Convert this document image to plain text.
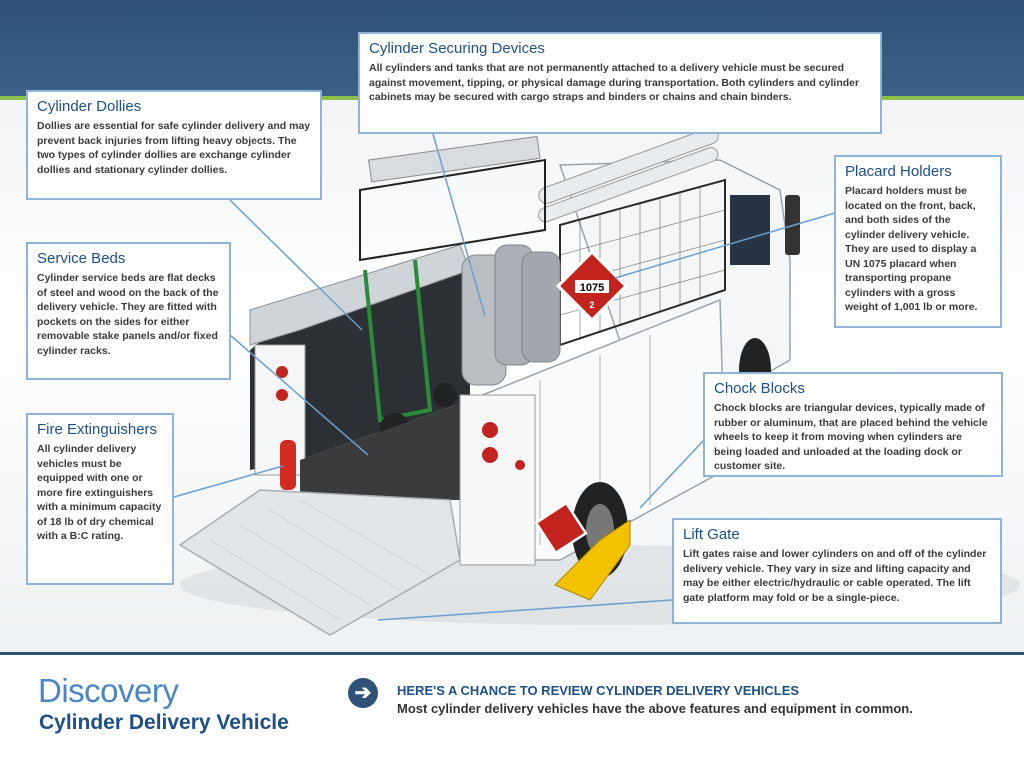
1075
2
Cylinder Securing Devices

All cylinders and tanks that are not permanently attached to a delivery vehicle must be secured against movement, tipping, or physical damage during transportation. Both cylinders and cylinder cabinets may be secured with cargo straps and binders or chains and chain binders.

Cylinder Dollies

Dollies are essential for safe cylinder delivery and may prevent back injuries from lifting heavy objects. The two types of cylinder dollies are exchange cylinder dollies and stationary cylinder dollies.	Placard Holders

Placard holders must be located on the front, back, and both sides of the cylinder delivery vehicle. They are used to display a UN 1075 placard when transporting propane cylinders with a gross weight of 1,001 lb or more.

Service Beds

Cylinder service beds are flat decks of steel and wood on the back of the delivery vehicle. They are fitted with pockets on the sides for either removable stake panels and/or fixed cylinder racks.

Chock Blocks

Chock blocks are triangular devices, typically made of rubber or aluminum, that are placed behind the vehicle wheels to keep it from moving when cylinders are being loaded and unloaded at the loading dock or customer site.

Fire Extinguishers

All cylinder delivery vehicles must be equipped with one or more fire extinguishers with a minimum capacity of 18 lb of dry chemical with a B:C rating.	Lift Gate

Lift gates raise and lower cylinders on and off of the cylinder delivery vehicle. They vary in size and lifting capacity and may be either electric/hydraulic or cable operated. The lift gate platform may fold or be a single-piece.

Discovery
Cylinder Delivery Vehicle
➔	HERE'S A CHANCE TO REVIEW CYLINDER DELIVERY VEHICLES
Most cylinder delivery vehicles have the above features and equipment in common.
